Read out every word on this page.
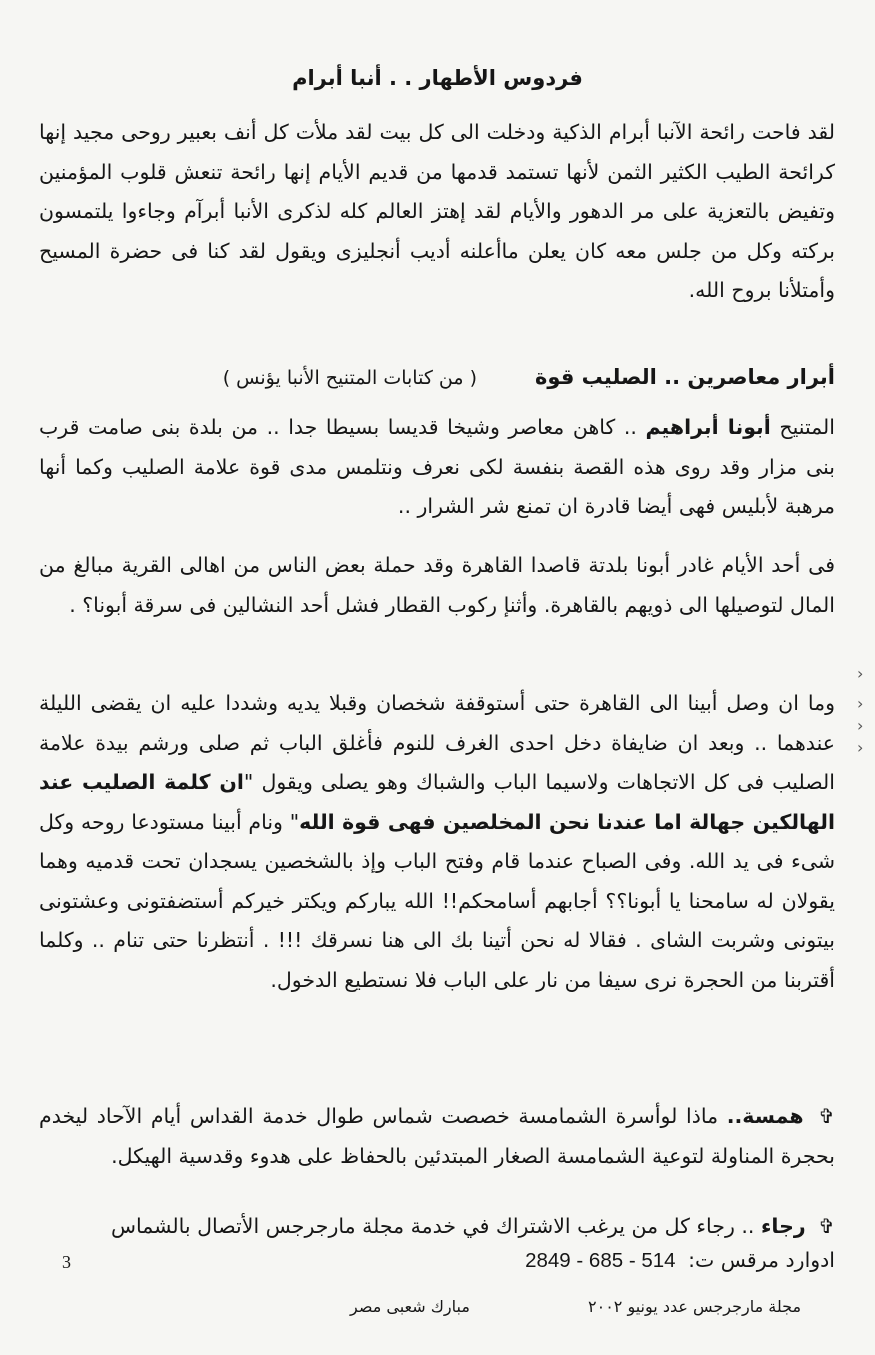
فردوس الأطهار . . أنبا أبرام
لقد فاحت رائحة الآنبا أبرام الذكية ودخلت الى كل بيت لقد ملأت كل أنف بعبير روحى مجيد إنها كرائحة الطيب الكثير الثمن لأنها تستمد قدمها من قديم الأيام إنها رائحة تنعش قلوب المؤمنين وتفيض بالتعزية على مر الدهور والأيام لقد إهتز العالم كله لذكرى الأنبا أبرآم وجاءوا يلتمسون بركته وكل من جلس معه كان يعلن ماأعلنه أديب أنجليزى ويقول لقد كنا فى حضرة المسيح وأمتلأنا بروح الله.
أبرار معاصرين .. الصليب قوة
( من كتابات المتنيح الأنبا يؤنس )
المتنيح أبونا أبراهيم .. كاهن معاصر وشيخا قديسا بسيطا جدا .. من بلدة بنى صامت قرب بنى مزار وقد روى هذه القصة بنفسة لكى نعرف ونتلمس مدى قوة علامة الصليب وكما أنها مرهبة لأبليس فهى أيضا قادرة ان تمنع شر الشرار ..
فى أحد الأيام غادر أبونا بلدتة قاصدا القاهرة وقد حملة بعض الناس من اهالى القرية مبالغ من المال لتوصيلها الى ذويهم بالقاهرة. وأثنإ ركوب القطار فشل أحد النشالين فى سرقة أبونا؟ .
وما ان وصل أبينا الى القاهرة حتى أستوقفة شخصان وقبلا يديه وشددا عليه ان يقضى الليلة عندهما .. وبعد ان ضايفاة دخل احدى الغرف للنوم فأغلق الباب ثم صلى ورشم بيدة علامة الصليب فى كل الاتجاهات ولاسيما الباب والشباك وهو يصلى ويقول "ان كلمة الصليب عند الهالكين جهالة اما عندنا نحن المخلصين فهى قوة الله" ونام أبينا مستودعا روحه وكل شىء فى يد الله. وفى الصباح عندما قام وفتح الباب وإذ بالشخصين يسجدان تحت قدميه وهما يقولان له سامحنا يا أبونا؟؟ أجابهم أسامحكم!! الله يباركم ويكتر خيركم أستضفتونى وعشتونى بيتونى وشربت الشاى . فقالا له نحن أتينا بك الى هنا نسرقك !!! . أنتظرنا حتى تنام .. وكلما أقتربنا من الحجرة نرى سيفا من نار على الباب فلا نستطيع الدخول.
✞ همسة.. ماذا لوأسرة الشمامسة خصصت شماس طوال خدمة القداس أيام الآحاد ليخدم بحجرة المناولة لتوعية الشمامسة الصغار المبتدئين بالحفاظ على هدوء وقدسية الهيكل.
✞ رجاء .. رجاء كل من يرغب الاشتراك في خدمة مجلة مارجرجس الأتصال بالشماس
ادوارد مرقس ت: 2849 - 685 - 514
3
مجلة مارجرجس عدد يونيو ٢٠٠٢
مبارك شعبى مصر
›
›
›
›
